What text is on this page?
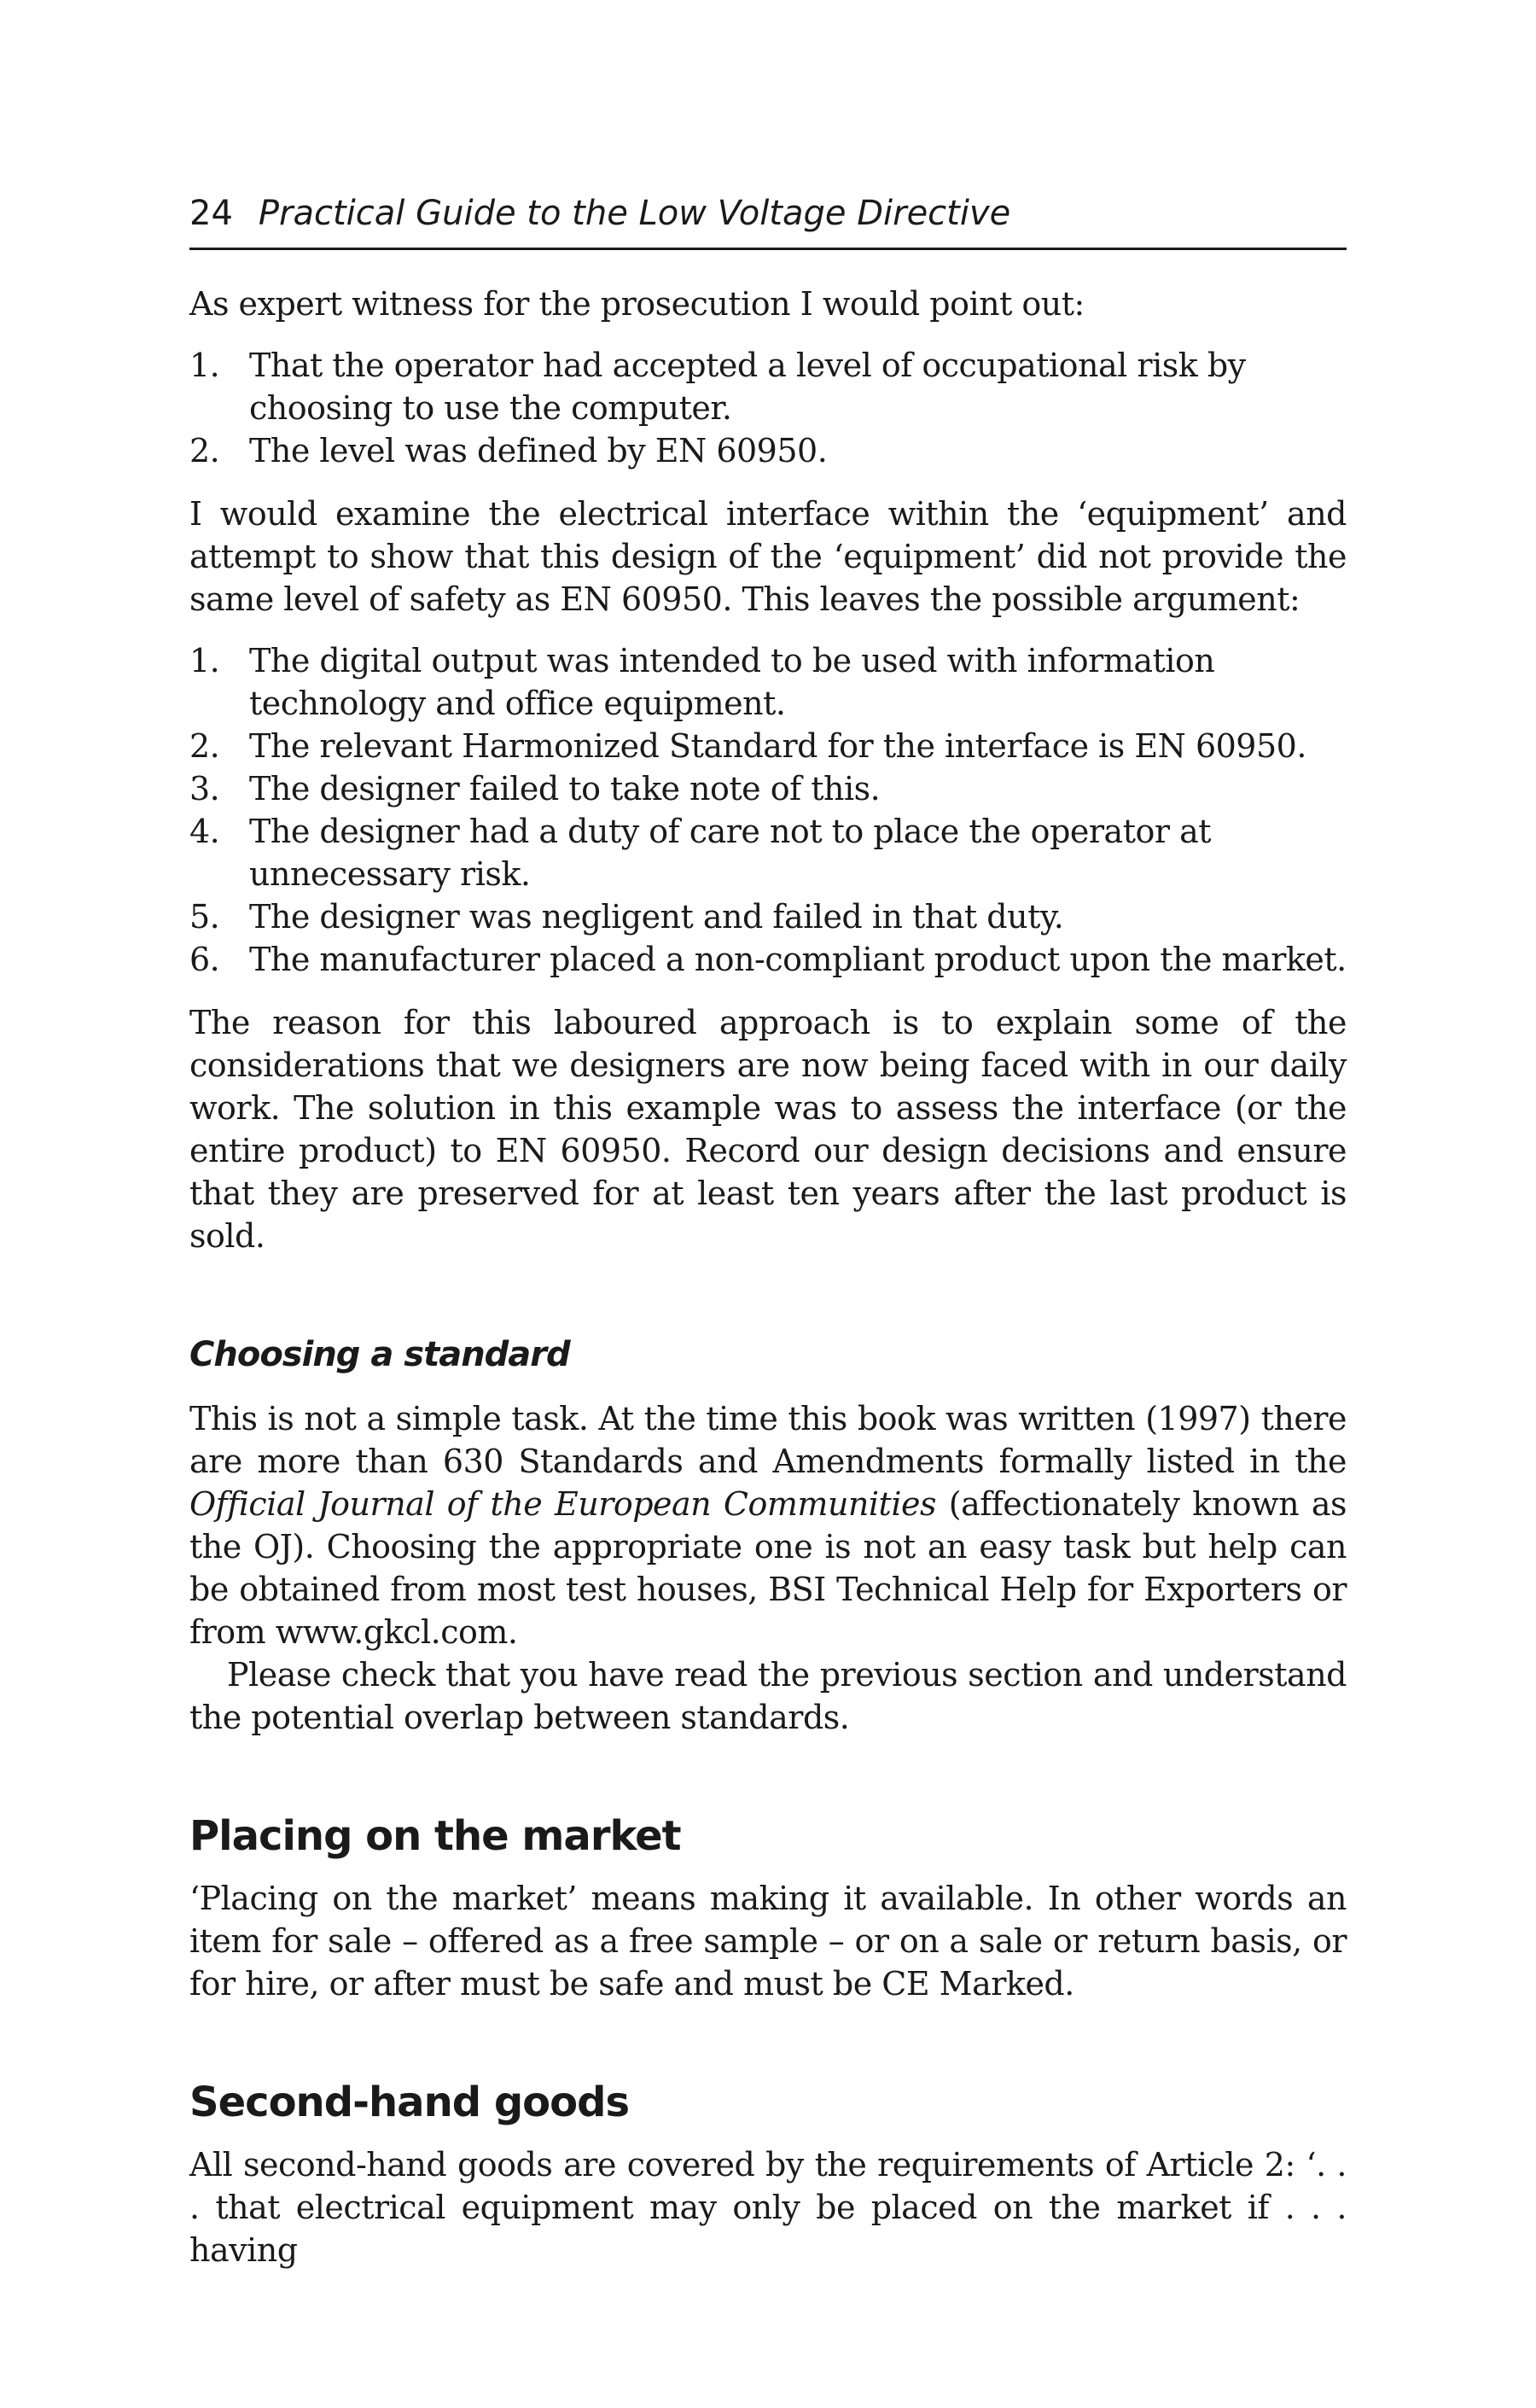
24 Practical Guide to the Low Voltage Directive

As expert witness for the prosecution I would point out:

1. That the operator had accepted a level of occupational risk by choosing to use the computer.
2. The level was defined by EN 60950.

I would examine the electrical interface within the ‘equipment’ and attempt to show that this design of the ‘equipment’ did not provide the same level of safety as EN 60950. This leaves the possible argument:

1. The digital output was intended to be used with information technology and office equipment.
2. The relevant Harmonized Standard for the interface is EN 60950.
3. The designer failed to take note of this.
4. The designer had a duty of care not to place the operator at unnecessary risk.
5. The designer was negligent and failed in that duty.
6. The manufacturer placed a non-compliant product upon the market.

The reason for this laboured approach is to explain some of the considerations that we designers are now being faced with in our daily work. The solution in this example was to assess the interface (or the entire product) to EN 60950. Record our design decisions and ensure that they are preserved for at least ten years after the last product is sold.

Choosing a standard

This is not a simple task. At the time this book was written (1997) there are more than 630 Standards and Amendments formally listed in the Official Journal of the European Communities (affectionately known as the OJ). Choosing the appropriate one is not an easy task but help can be obtained from most test houses, BSI Technical Help for Exporters or from www.gkcl.com.

Please check that you have read the previous section and understand the potential overlap between standards.

Placing on the market

‘Placing on the market’ means making it available. In other words an item for sale – offered as a free sample – or on a sale or return basis, or for hire, or after must be safe and must be CE Marked.

Second-hand goods

All second-hand goods are covered by the requirements of Article 2: ‘. . . that electrical equipment may only be placed on the market if . . . having
